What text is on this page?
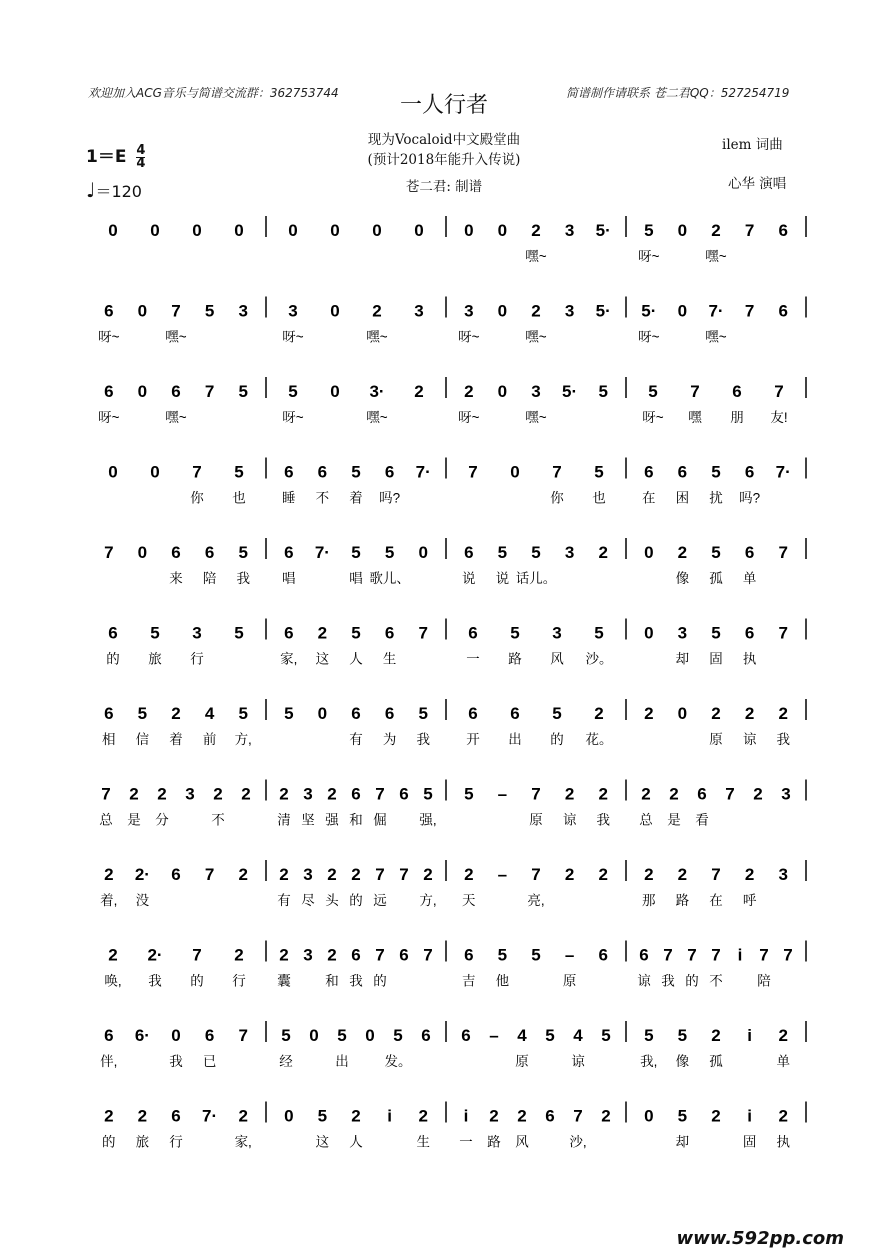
欢迎加入ACG音乐与简谱交流群：362753744	简谱制作请联系 苍二君QQ：527254719
一人行者
现为Vocaloid中文殿堂曲
(预计2018年能升入传说)
苍二君: 制谱
ilem 词曲
心华 演唱
$1=E \frac{4}{4}$
♩＝120
0 0 0 0	0 0 0 0 0 0 2
嘿~
3 5· 5
呀~
0 2
嘿~
7 6
6
呀~
0 7
嘿~
5 3 3
呀~
0 2
嘿~
3 3
呀~
0 2
嘿~
3 5· 5·
呀~
0 7·
嘿~
7 6
6
呀~
0 6
嘿~
7 5 5
呀~
0 3·
嘿~
2 2
呀~
0 3
嘿~
5· 5 5
呀~
7
嘿
6
朋
7
友!
0 0 7
你
5
也
6
睡
6
不
5
着
6
吗?
7· 7 0 7
你
5
也
6
在
6
困
5
扰
6
吗?
7·
7 0 6
来
6
陪
5
我
6
唱
7· 5
唱
5
歌儿、
0 6
说
5
说
5
话儿。
3 2 0 2
像
5
孤
6
单
7
6
的
5
旅
3
行
5 6
家,
2
这
5
人
6
生
7 6
一
5
路
3
风
5
沙。
0 3
却
5
固
6
执
7
6
相
5
信
2
着
4
前
5
方,
5 0 6
有
6
为
5
我
6
开
6
出
5
的
2
花。
2 0 2
原
2
谅
2
我
7
总
2
是
2
分
3 2
不
2 2
清
3
坚
2
强
6
和
7
倔
6 5
强,
5 – 7
原
2
谅
2
我
2
总
2
是
6
看
7 2 3
2
着,
2·
没
6 7 2 2
有
3
尽
2
头
2
的
7
远
7 2
方,
2
天
– 7
亮,
2 2 2
那
2
路
7
在
2
呼
3
2
唤,
2·
我
7
的
2
行
2
囊
3 2
和
6
我
7
的
6 7 6
吉
5
他
5 –
原
6 6
谅
7
我
7
的
7
不
i 7
陪
7
6
伴,
6· 0
我
6
已
7 5
经
0 5
出
0 5
发。
6 6 – 4
原
5 4
谅
5 5
我,
5
像
2
孤
i 2
单
2
的
2
旅
6
行
7· 2
家,
0 5
这
2
人
i 2
生
i
一
2
路
2
风
6 7
沙,
2 0 5
却
2 i
固
2
执
www.592pp.com
